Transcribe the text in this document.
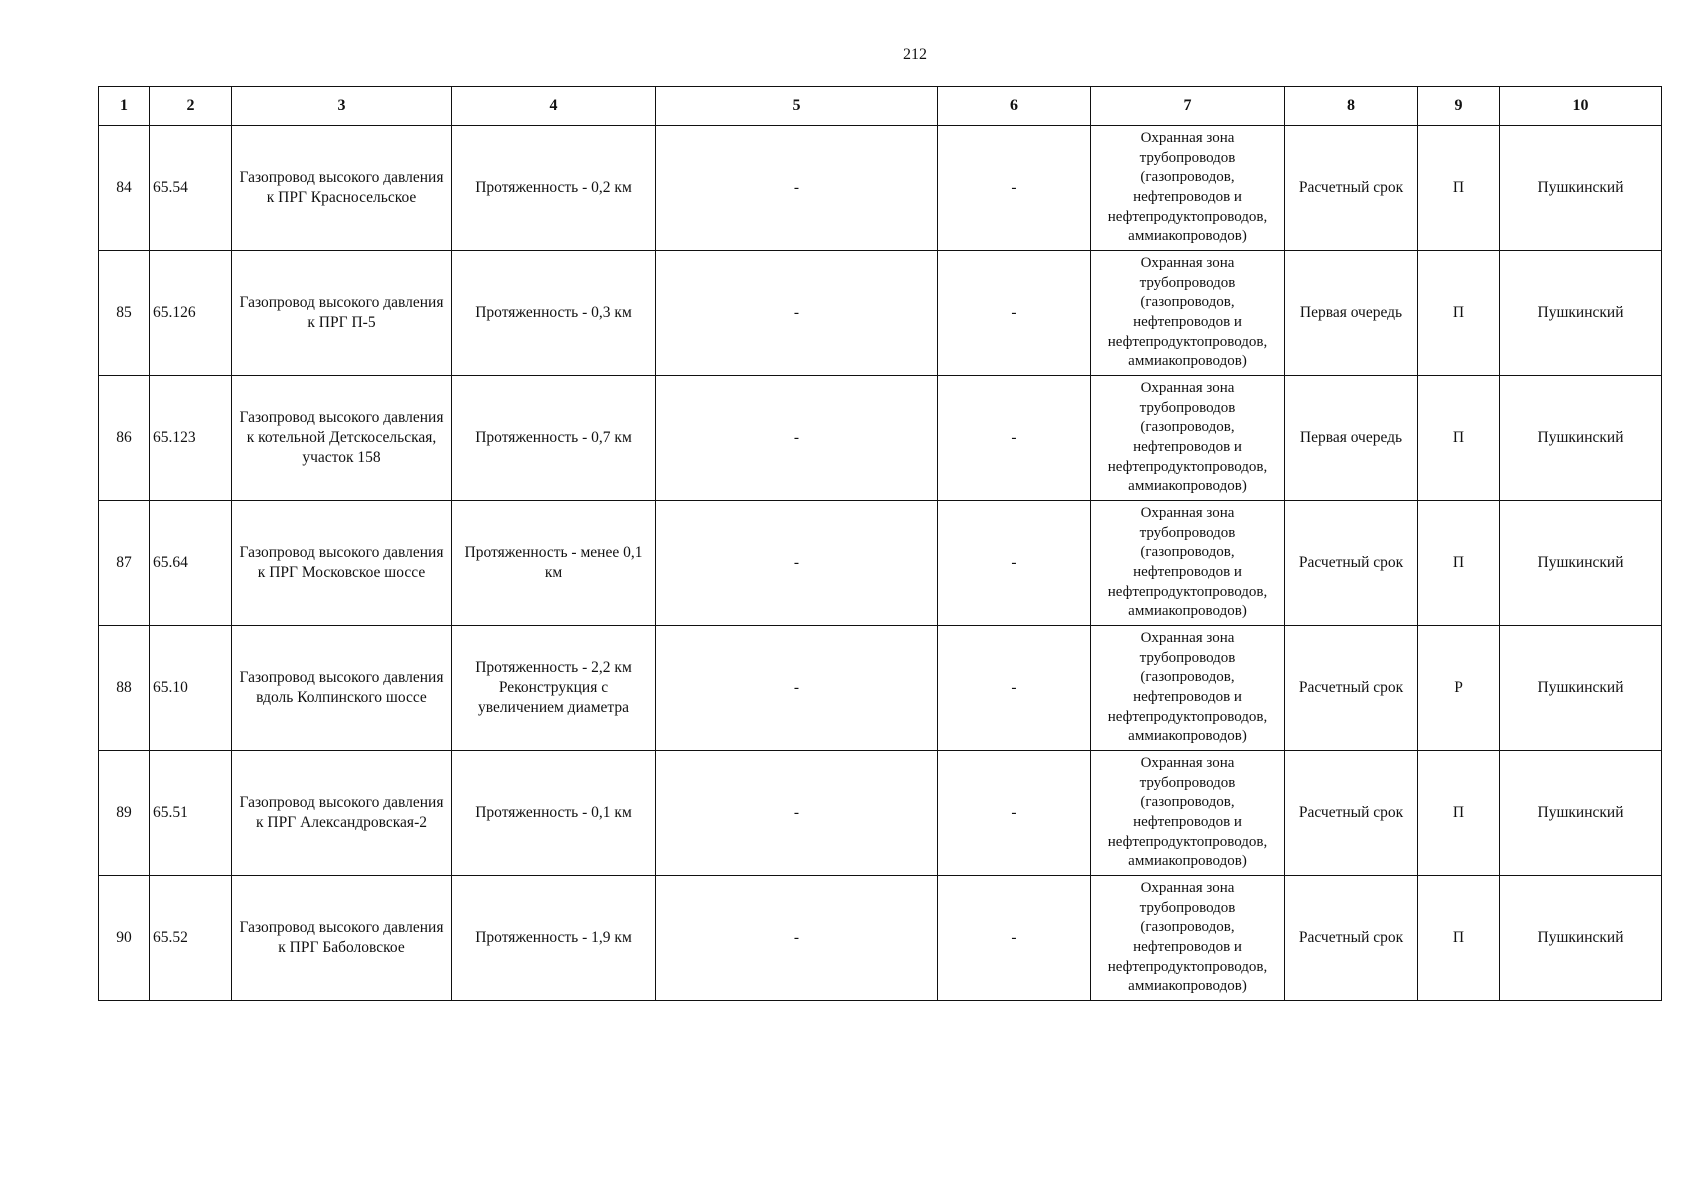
212
1	2	3	4	5	6	7	8	9	10
84	65.54	Газопровод высокого давления к ПРГ Красносельское	Протяженность - 0,2 км	-	-	Охранная зона трубопроводов (газопроводов, нефтепроводов и нефтепродуктопроводов, аммиакопроводов)	Расчетный срок	П	Пушкинский
85	65.126	Газопровод высокого давления к ПРГ П-5	Протяженность - 0,3 км	-	-	Охранная зона трубопроводов (газопроводов, нефтепроводов и нефтепродуктопроводов, аммиакопроводов)	Первая очередь	П	Пушкинский
86	65.123	Газопровод высокого давления к котельной Детскосельская, участок 158	Протяженность - 0,7 км	-	-	Охранная зона трубопроводов (газопроводов, нефтепроводов и нефтепродуктопроводов, аммиакопроводов)	Первая очередь	П	Пушкинский
87	65.64	Газопровод высокого давления к ПРГ Московское шоссе	Протяженность - менее 0,1 км	-	-	Охранная зона трубопроводов (газопроводов, нефтепроводов и нефтепродуктопроводов, аммиакопроводов)	Расчетный срок	П	Пушкинский
88	65.10	Газопровод высокого давления вдоль Колпинского шоссе	Протяженность - 2,2 км Реконструкция с увеличением диаметра	-	-	Охранная зона трубопроводов (газопроводов, нефтепроводов и нефтепродуктопроводов, аммиакопроводов)	Расчетный срок	Р	Пушкинский
89	65.51	Газопровод высокого давления к ПРГ Александровская-2	Протяженность - 0,1 км	-	-	Охранная зона трубопроводов (газопроводов, нефтепроводов и нефтепродуктопроводов, аммиакопроводов)	Расчетный срок	П	Пушкинский
90	65.52	Газопровод высокого давления к ПРГ Баболовское	Протяженность - 1,9 км	-	-	Охранная зона трубопроводов (газопроводов, нефтепроводов и нефтепродуктопроводов, аммиакопроводов)	Расчетный срок	П	Пушкинский
